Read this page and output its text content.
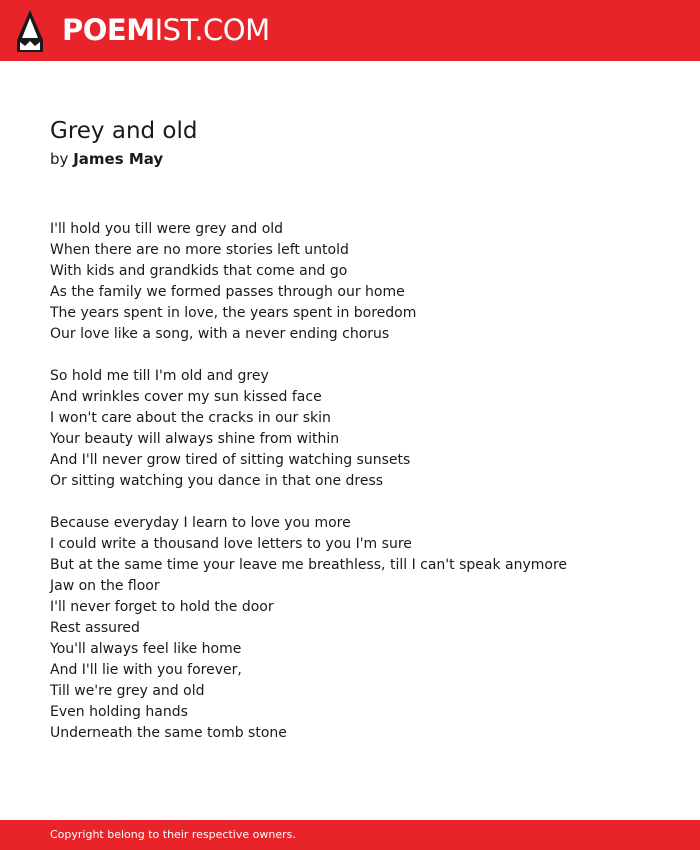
POEMIST.COM
Grey and old
by James May
I'll hold you till were grey and old
When there are no more stories left untold
With kids and grandkids that come and go
As the family we formed passes through our home
The years spent in love, the years spent in boredom
Our love like a song, with a never ending chorus
So hold me till I'm old and grey
And wrinkles cover my sun kissed face
I won't care about the cracks in our skin
Your beauty will always shine from within
And I'll never grow tired of sitting watching sunsets
Or sitting watching you dance in that one dress
Because everyday I learn to love you more
I could write a thousand love letters to you I'm sure
But at the same time your leave me breathless, till I can't speak anymore
Jaw on the floor
I'll never forget to hold the door
Rest assured
You'll always feel like home
And I'll lie with you forever,
Till we're grey and old
Even holding hands
Underneath the same tomb stone
Copyright belong to their respective owners.
